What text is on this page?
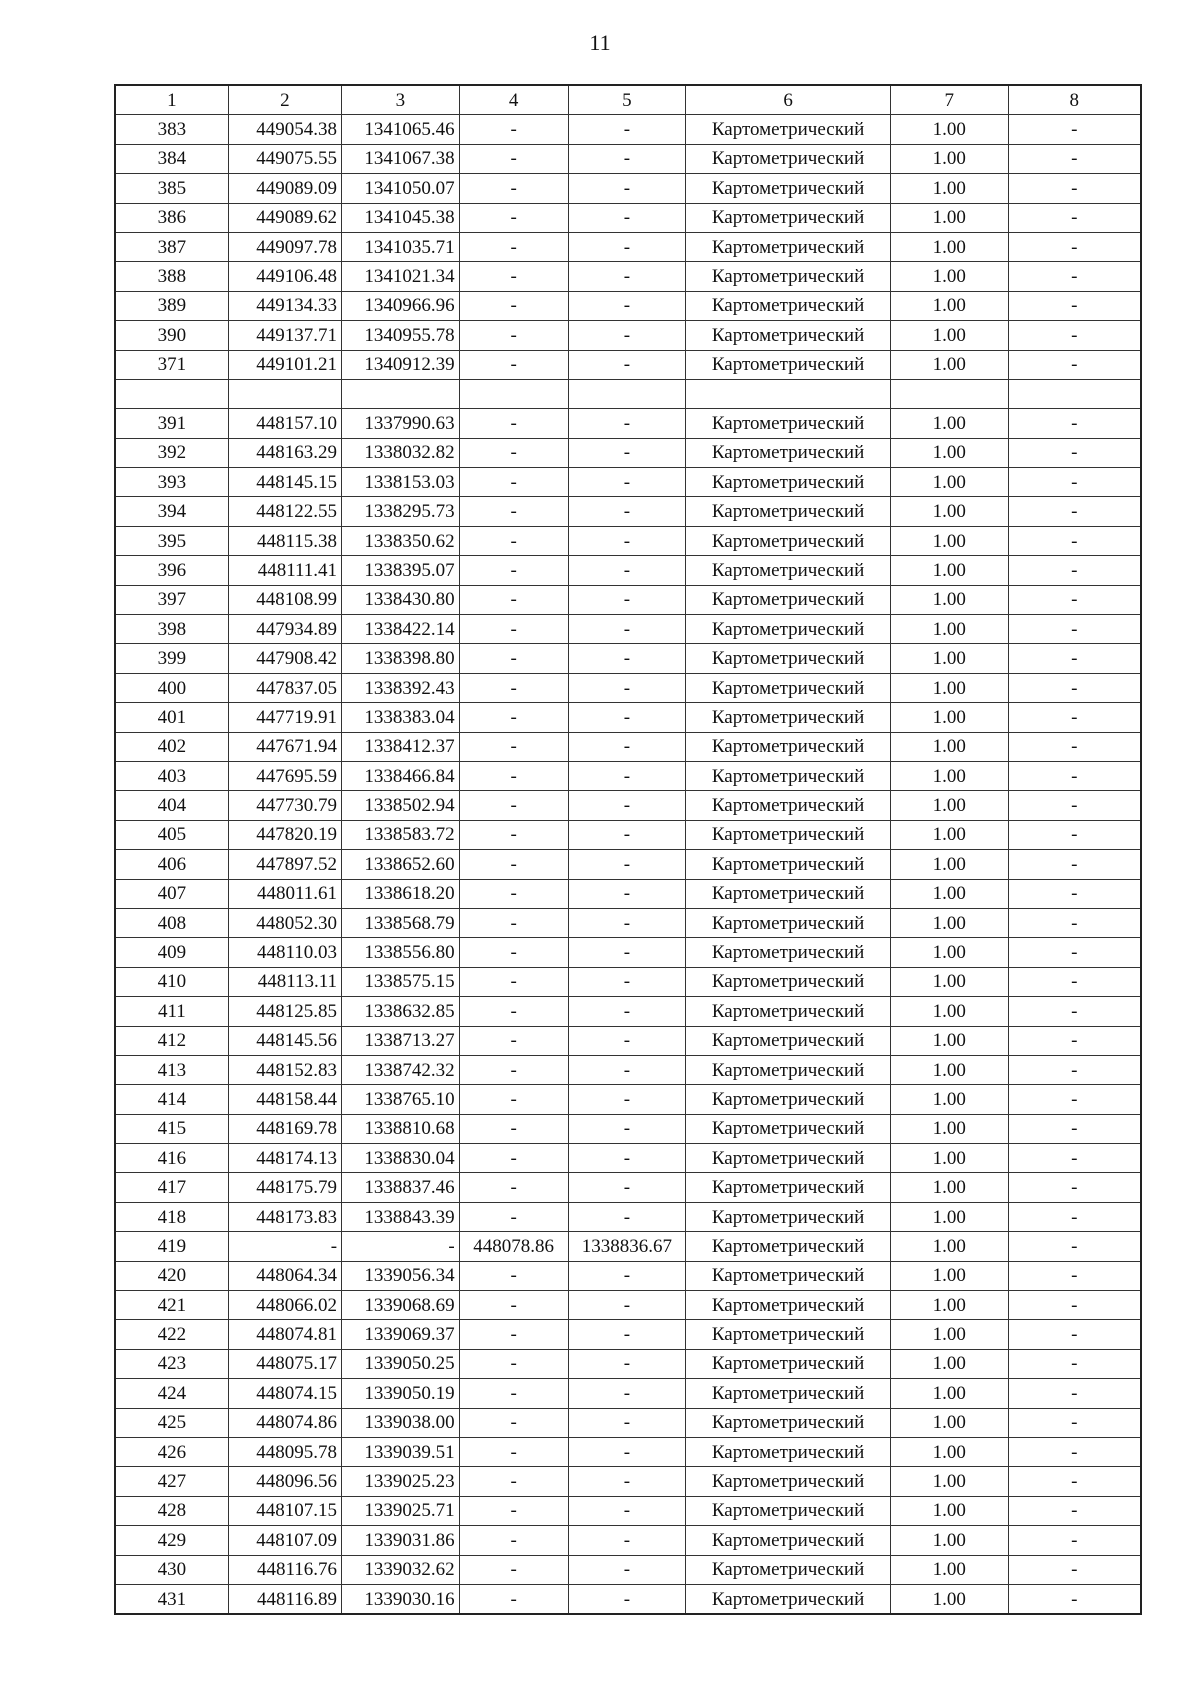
11
1	2	3	4	5	6	7	8
383	449054.38	1341065.46	-	-	Картометрический	1.00	-
384	449075.55	1341067.38	-	-	Картометрический	1.00	-
385	449089.09	1341050.07	-	-	Картометрический	1.00	-
386	449089.62	1341045.38	-	-	Картометрический	1.00	-
387	449097.78	1341035.71	-	-	Картометрический	1.00	-
388	449106.48	1341021.34	-	-	Картометрический	1.00	-
389	449134.33	1340966.96	-	-	Картометрический	1.00	-
390	449137.71	1340955.78	-	-	Картометрический	1.00	-
371	449101.21	1340912.39	-	-	Картометрический	1.00	-

391	448157.10	1337990.63	-	-	Картометрический	1.00	-
392	448163.29	1338032.82	-	-	Картометрический	1.00	-
393	448145.15	1338153.03	-	-	Картометрический	1.00	-
394	448122.55	1338295.73	-	-	Картометрический	1.00	-
395	448115.38	1338350.62	-	-	Картометрический	1.00	-
396	448111.41	1338395.07	-	-	Картометрический	1.00	-
397	448108.99	1338430.80	-	-	Картометрический	1.00	-
398	447934.89	1338422.14	-	-	Картометрический	1.00	-
399	447908.42	1338398.80	-	-	Картометрический	1.00	-
400	447837.05	1338392.43	-	-	Картометрический	1.00	-
401	447719.91	1338383.04	-	-	Картометрический	1.00	-
402	447671.94	1338412.37	-	-	Картометрический	1.00	-
403	447695.59	1338466.84	-	-	Картометрический	1.00	-
404	447730.79	1338502.94	-	-	Картометрический	1.00	-
405	447820.19	1338583.72	-	-	Картометрический	1.00	-
406	447897.52	1338652.60	-	-	Картометрический	1.00	-
407	448011.61	1338618.20	-	-	Картометрический	1.00	-
408	448052.30	1338568.79	-	-	Картометрический	1.00	-
409	448110.03	1338556.80	-	-	Картометрический	1.00	-
410	448113.11	1338575.15	-	-	Картометрический	1.00	-
411	448125.85	1338632.85	-	-	Картометрический	1.00	-
412	448145.56	1338713.27	-	-	Картометрический	1.00	-
413	448152.83	1338742.32	-	-	Картометрический	1.00	-
414	448158.44	1338765.10	-	-	Картометрический	1.00	-
415	448169.78	1338810.68	-	-	Картометрический	1.00	-
416	448174.13	1338830.04	-	-	Картометрический	1.00	-
417	448175.79	1338837.46	-	-	Картометрический	1.00	-
418	448173.83	1338843.39	-	-	Картометрический	1.00	-
419	-	-	448078.86	1338836.67	Картометрический	1.00	-
420	448064.34	1339056.34	-	-	Картометрический	1.00	-
421	448066.02	1339068.69	-	-	Картометрический	1.00	-
422	448074.81	1339069.37	-	-	Картометрический	1.00	-
423	448075.17	1339050.25	-	-	Картометрический	1.00	-
424	448074.15	1339050.19	-	-	Картометрический	1.00	-
425	448074.86	1339038.00	-	-	Картометрический	1.00	-
426	448095.78	1339039.51	-	-	Картометрический	1.00	-
427	448096.56	1339025.23	-	-	Картометрический	1.00	-
428	448107.15	1339025.71	-	-	Картометрический	1.00	-
429	448107.09	1339031.86	-	-	Картометрический	1.00	-
430	448116.76	1339032.62	-	-	Картометрический	1.00	-
431	448116.89	1339030.16	-	-	Картометрический	1.00	-
